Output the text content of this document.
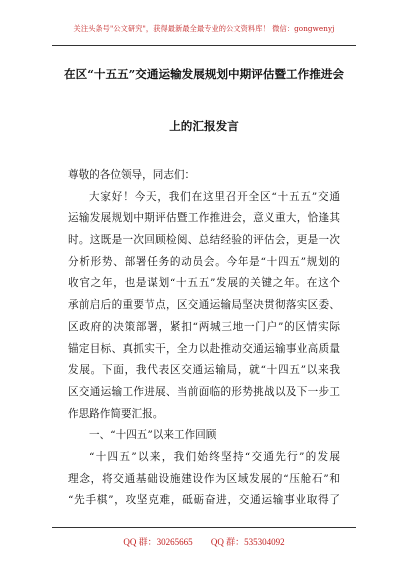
关注头条号"公文研究"，获得最新最全最专业的公文资料库！ 微信：gongwenyj
在区“十五五”交通运输发展规划中期评估暨工作推进会
上的汇报发言
尊敬的各位领导，同志们：
大家好！今天，我们在这里召开全区“十五五”交通
运输发展规划中期评估暨工作推进会，意义重大，恰逢其
时。这既是一次回顾检阅、总结经验的评估会，更是一次
分析形势、部署任务的动员会。今年是“十四五”规划的
收官之年，也是谋划“十五五”发展的关键之年。在这个
承前启后的重要节点，区交通运输局坚决贯彻落实区委、
区政府的决策部署，紧扣“两城三地一门户”的区情实际
锚定目标、真抓实干，全力以赴推动交通运输事业高质量
发展。下面，我代表区交通运输局，就“十四五”以来我
区交通运输工作进展、当前面临的形势挑战以及下一步工
作思路作简要汇报。
一、“十四五”以来工作回顾
“十四五”以来，我们始终坚持“交通先行”的发展
理念，将交通基础设施建设作为区域发展的“压舱石”和
“先手棋”，攻坚克难，砥砺奋进，交通运输事业取得了
QQ 群：30265665 QQ 群：535304092
